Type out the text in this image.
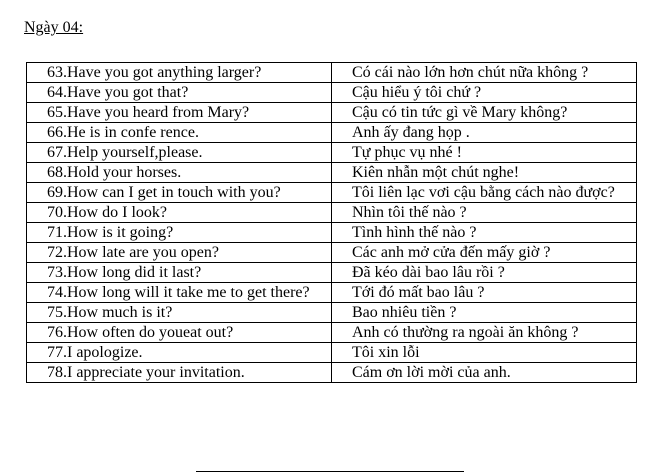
Ngày 04:
63.Have you got anything larger?	Có cái nào lớn hơn chút nữa không ?
64.Have you got that?	Cậu hiểu ý tôi chứ ?
65.Have you heard from Mary?	Cậu có tin tức gì về Mary không?
66.He is in confe rence.	Anh ấy đang họp .
67.Help yourself,please.	Tự phục vụ nhé !
68.Hold your horses.	Kiên nhẫn một chút nghe!
69.How can I get in touch with you?	Tôi liên lạc vơi cậu bằng cách nào được?
70.How do I look?	Nhìn tôi thế nào ?
71.How is it going?	Tình hình thế nào ?
72.How late are you open?	Các anh mở cửa đến mấy giờ ?
73.How long did it last?	Đã kéo dài bao lâu rồi ?
74.How long will it take me to get there?	Tới đó mất bao lâu ?
75.How much is it?	Bao nhiêu tiền ?
76.How often do youeat out?	Anh có thường ra ngoài ăn không ?
77.I apologize.	Tôi xin lỗi
78.I appreciate your invitation.	Cám ơn lời mời của anh.
